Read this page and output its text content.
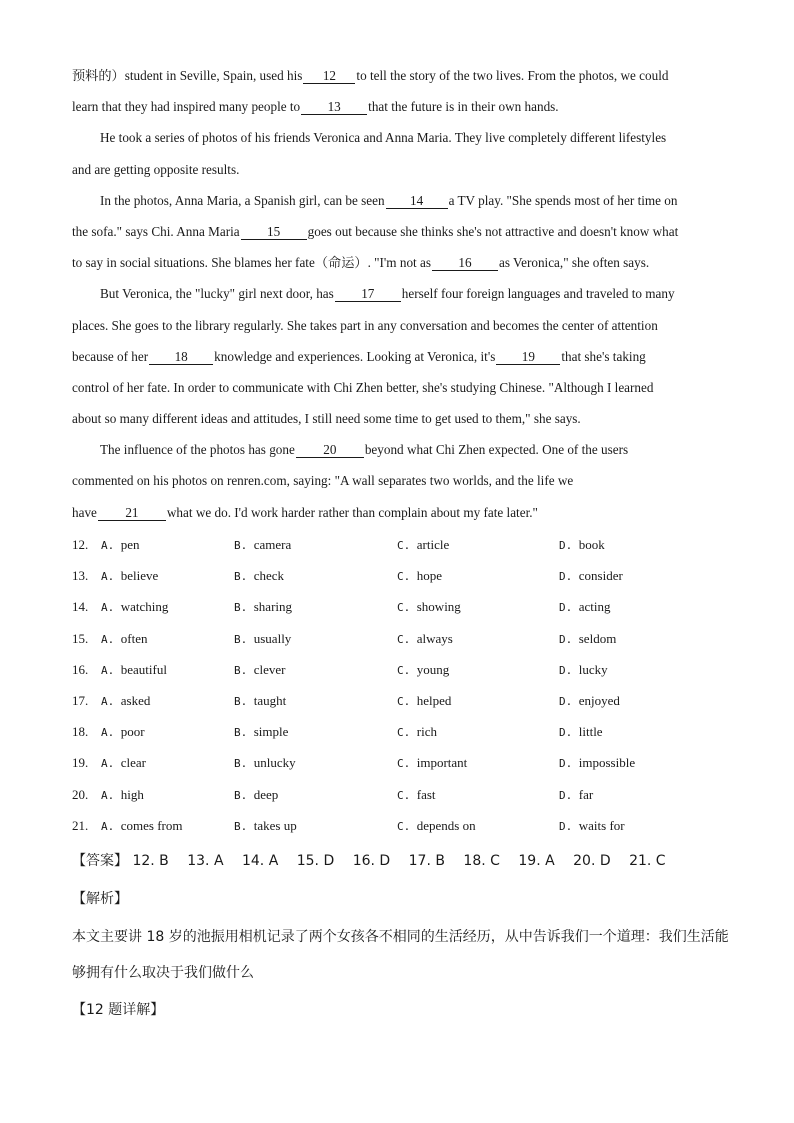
预料的）student in Seville, Spain, used his 12 to tell the story of the two lives. From the photos, we could
learn that they had inspired many people to 13 that the future is in their own hands.
He took a series of photos of his friends Veronica and Anna Maria. They live completely different lifestyles
and are getting opposite results.
In the photos, Anna Maria, a Spanish girl, can be seen 14 a TV play. "She spends most of her time on
the sofa." says Chi. Anna Maria 15 goes out because she thinks she's not attractive and doesn't know what
to say in social situations. She blames her fate（命运）. "I'm not as 16 as Veronica," she often says.
But Veronica, the "lucky" girl next door, has 17 herself four foreign languages and traveled to many
places. She goes to the library regularly. She takes part in any conversation and becomes the center of attention
because of her 18 knowledge and experiences. Looking at Veronica, it's 19 that she's taking
control of her fate. In order to communicate with Chi Zhen better, she's studying Chinese. "Although I learned
about so many different ideas and attitudes, I still need some time to get used to them," she says.
The influence of the photos has gone 20 beyond what Chi Zhen expected. One of the users
commented on his photos on renren.com, saying: "A wall separates two worlds, and the life we
have 21 what we do. I'd work harder rather than complain about my fate later."
12. A. pen	B. camera	C. article	D. book
13. A. believe	B. check	C. hope	D. consider
14. A. watching	B. sharing	C. showing	D. acting
15. A. often	B. usually	C. always	D. seldom
16. A. beautiful	B. clever	C. young	D. lucky
17. A. asked	B. taught	C. helped	D. enjoyed
18. A. poor	B. simple	C. rich	D. little
19. A. clear	B. unlucky	C. important	D. impossible
20. A. high	B. deep	C. fast	D. far
21. A. comes from	B. takes up	C. depends on	D. waits for
【答案】 12. B 13. A 14. A 15. D 16. D 17. B 18. C 19. A 20. D 21. C
【解析】
本文主要讲 18 岁的池振用相机记录了两个女孩各不相同的生活经历，从中告诉我们一个道理：我们生活能
够拥有什么取决于我们做什么
【12 题详解】
